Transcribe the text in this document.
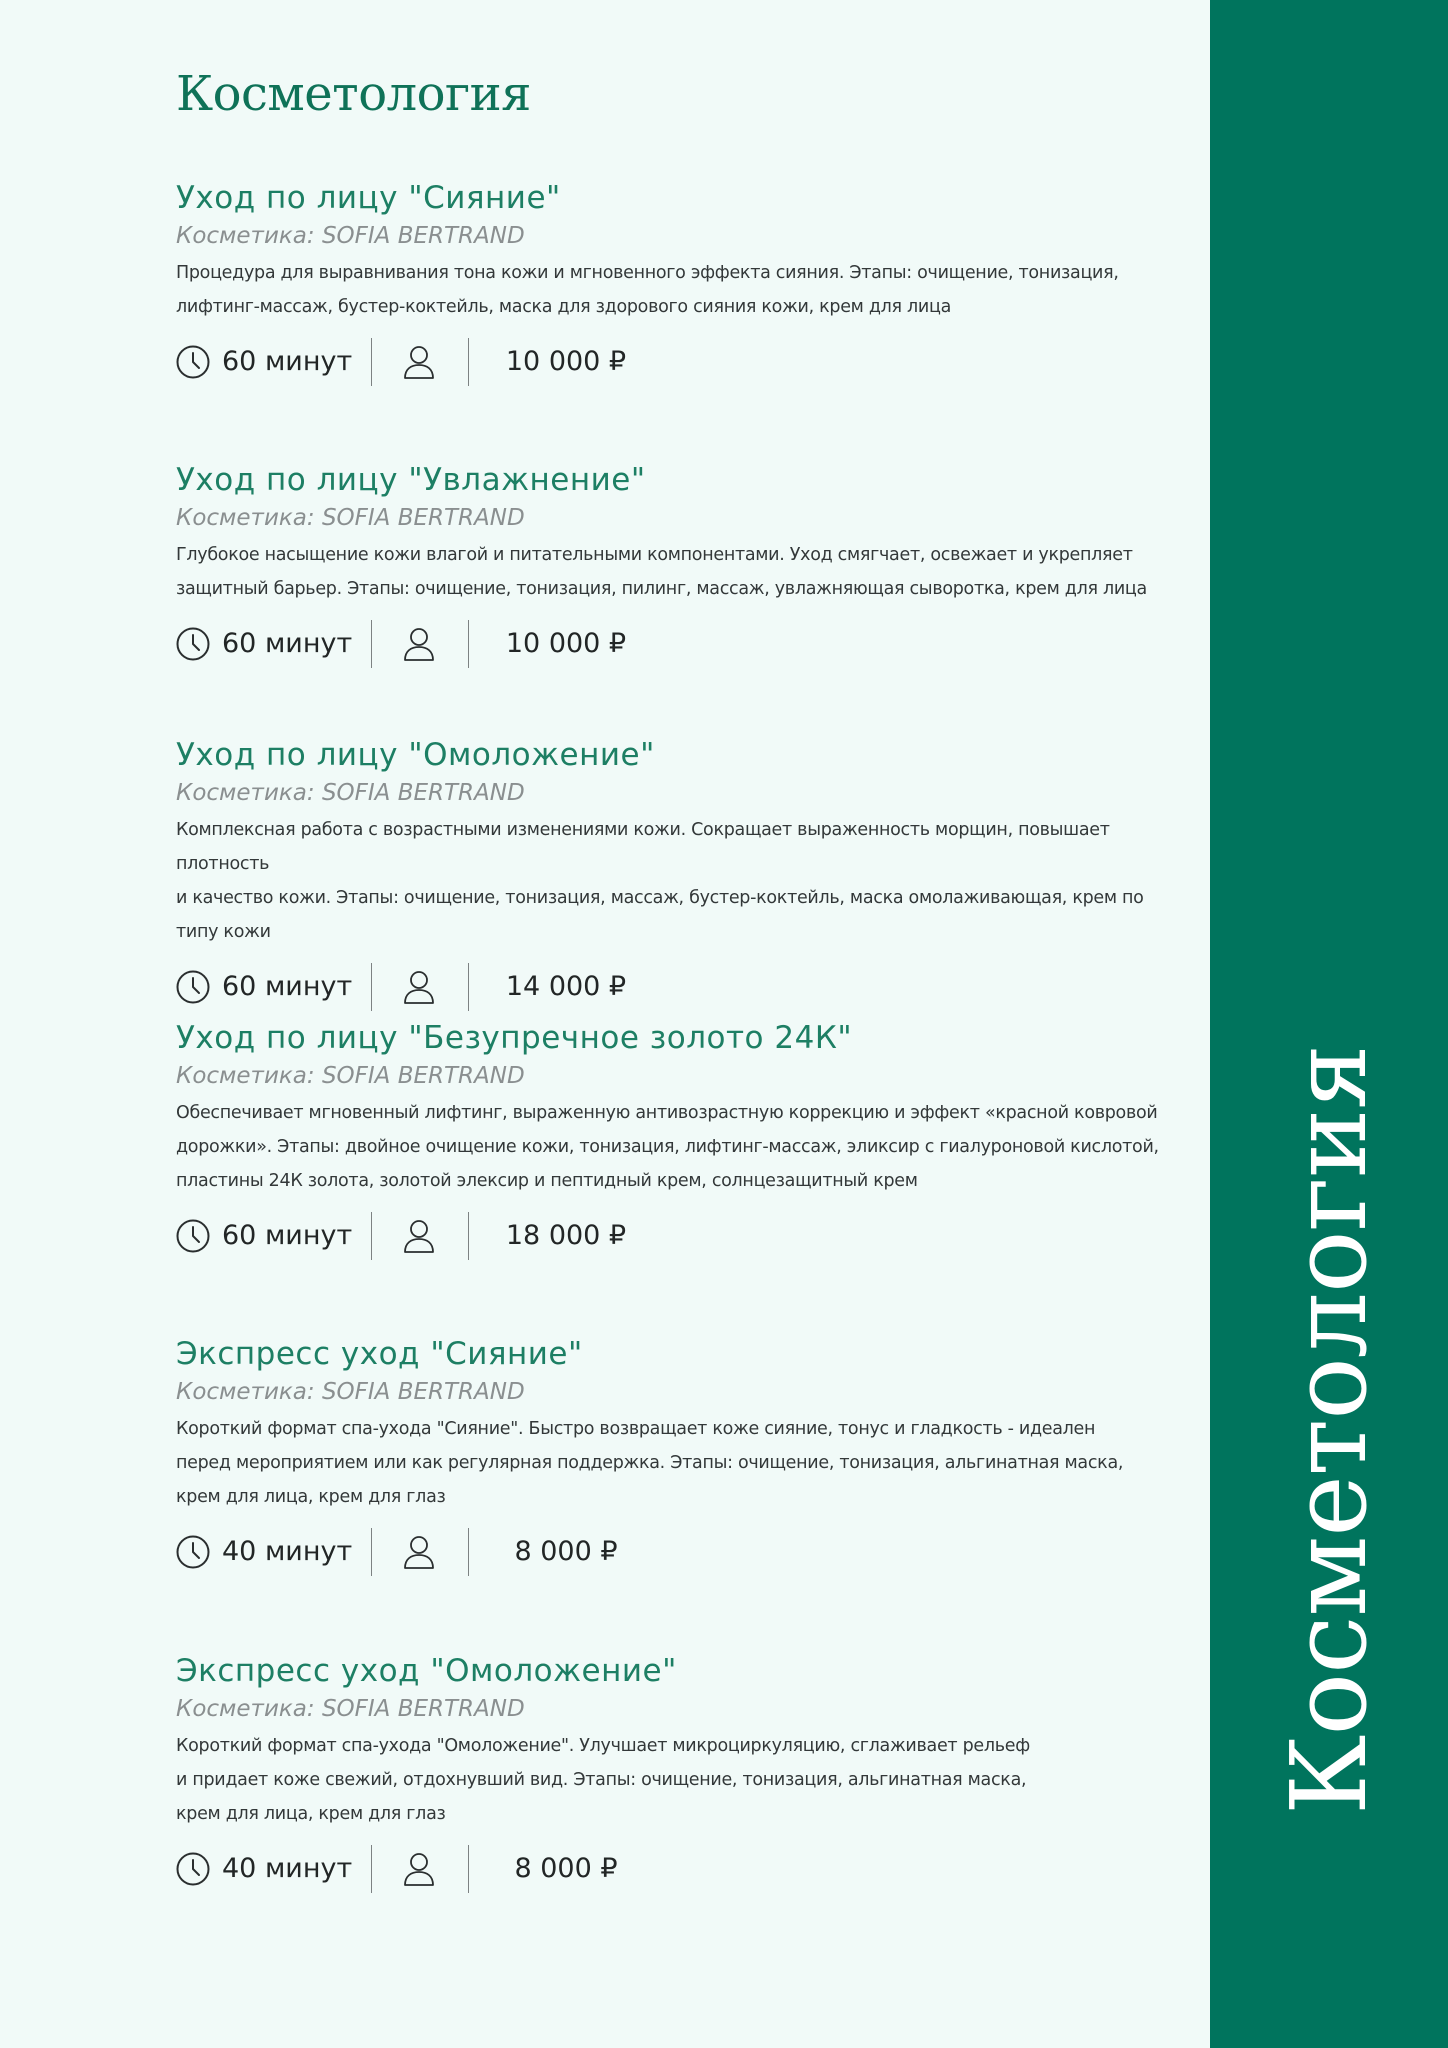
Косметология
Уход по лицу "Сияние"

Косметика: SOFIA BERTRAND

Процедура для выравнивания тона кожи и мгновенного эффекта сияния. Этапы: очищение, тонизация,
лифтинг-массаж, бустер-коктейль, маска для здорового сияния кожи, крем для лица

60 минут	10 000 ₽
Уход по лицу "Увлажнение"

Косметика: SOFIA BERTRAND

Глубокое насыщение кожи влагой и питательными компонентами. Уход смягчает, освежает и укрепляет
защитный барьер. Этапы: очищение, тонизация, пилинг, массаж, увлажняющая сыворотка, крем для лица

60 минут	10 000 ₽
Уход по лицу "Омоложение"

Косметика: SOFIA BERTRAND

Комплексная работа с возрастными изменениями кожи. Сокращает выраженность морщин, повышает плотность
и качество кожи. Этапы: очищение, тонизация, массаж, бустер-коктейль, маска омолаживающая, крем по типу кожи

60 минут	14 000 ₽
Уход по лицу "Безупречное золото 24К"

Косметика: SOFIA BERTRAND

Обеспечивает мгновенный лифтинг, выраженную антивозрастную коррекцию и эффект «красной ковровой
дорожки». Этапы: двойное очищение кожи, тонизация, лифтинг-массаж, эликсир с гиалуроновой кислотой,
пластины 24К золота, золотой элексир и пептидный крем, солнцезащитный крем

60 минут	18 000 ₽
Экспресс уход "Сияние"

Косметика: SOFIA BERTRAND

Короткий формат спа-ухода "Сияние". Быстро возвращает коже сияние, тонус и гладкость - идеален
перед мероприятием или как регулярная поддержка. Этапы: очищение, тонизация, альгинатная маска,
крем для лица, крем для глаз

40 минут	8 000 ₽
Экспресс уход "Омоложение"

Косметика: SOFIA BERTRAND

Короткий формат спа-ухода "Омоложение". Улучшает микроциркуляцию, сглаживает рельеф
и придает коже свежий, отдохнувший вид. Этапы: очищение, тонизация, альгинатная маска,
крем для лица, крем для глаз

40 минут	8 000 ₽
Косметология
